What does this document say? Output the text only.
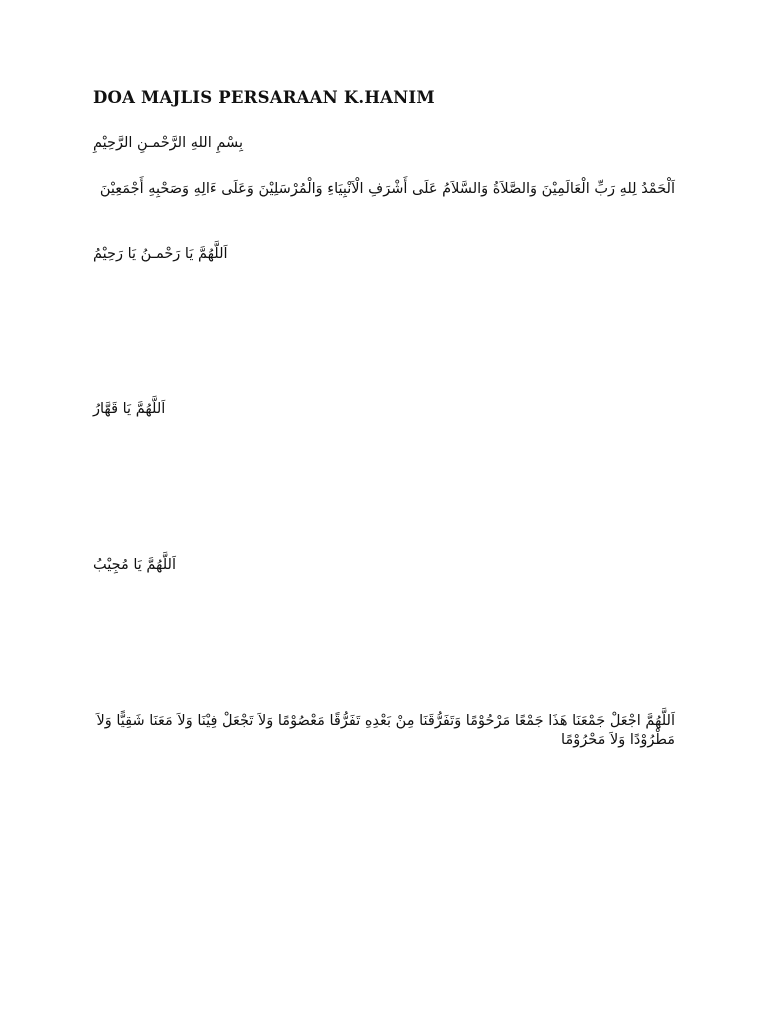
DOA MAJLIS PERSARAAN K.HANIM
بِسْمِ اللهِ الرَّحْمـنِ الرَّحِيْمِ
اَلْحَمْدُ لِلهِ رَبِّ الْعَالَمِيْنَ وَالصَّلاَةُ وَالسَّلاَمُ عَلَى أَشْرَفِ الْاَنْبِيَاءِ وَالْمُرْسَلِيْنَ وَعَلَى ءَالِهِ وَصَحْبِهِ أَجْمَعِيْنَ
اَللَّهُمَّ يَا رَحْمـنُ يَا رَحِيْمُ
اَللَّهُمَّ يَا قَهَّارُ
اَللَّهُمَّ يَا مُجِيْبُ
اَللَّهُمَّ اجْعَلْ جَمْعَنَا هَذَا جَمْعًا مَرْحُوْمًا وَتَفَرُّقَنَا مِنْ بَعْدِهِ تَفَرُّقًا مَعْصُوْمًا وَلاَ تَجْعَلْ فِيْنَا وَلاَ مَعَنَا شَقِيًّا وَلاَ مَطْرُوْدًا وَلاَ مَحْرُوْمًا
